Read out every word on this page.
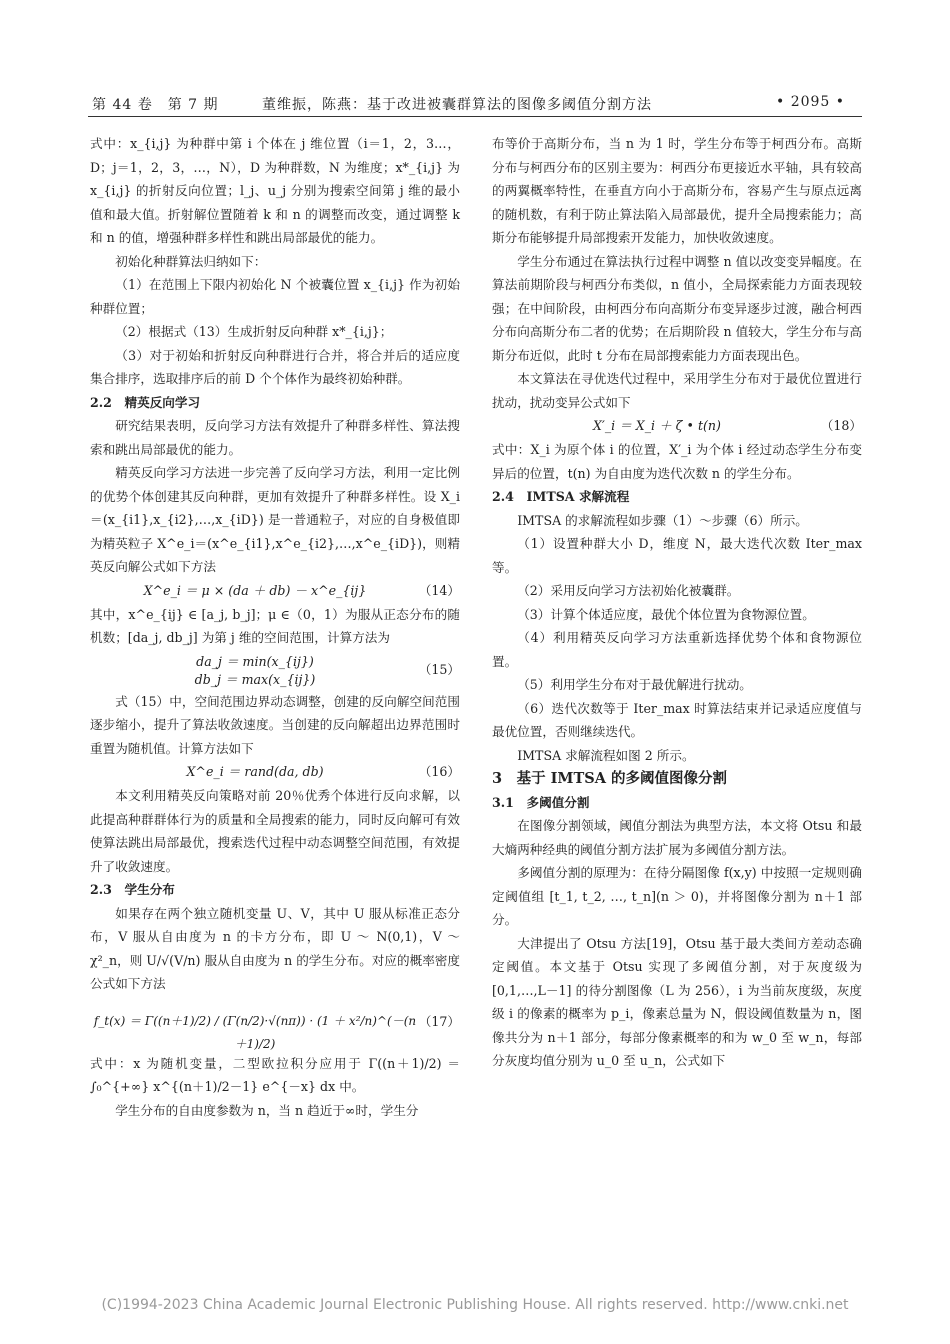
第 44 卷　第 7 期	董维振，陈燕：基于改进被囊群算法的图像多阈值分割方法	• 2095 •

式中：x_{i,j} 为种群中第 i 个体在 j 维位置（i＝1，2，3…，D；j＝1，2，3，…，N），D 为种群数，N 为维度；x*_{i,j} 为 x_{i,j} 的折射反向位置；l_j、u_j 分别为搜索空间第 j 维的最小值和最大值。折射解位置随着 k 和 n 的调整而改变，通过调整 k 和 n 的值，增强种群多样性和跳出局部最优的能力。

初始化种群算法归纳如下：

（1）在范围上下限内初始化 N 个被囊位置 x_{i,j} 作为初始种群位置；

（2）根据式（13）生成折射反向种群 x*_{i,j}；

（3）对于初始和折射反向种群进行合并，将合并后的适应度集合排序，选取排序后的前 D 个个体作为最终初始种群。

2.2　精英反向学习

研究结果表明，反向学习方法有效提升了种群多样性、算法搜索和跳出局部最优的能力。

精英反向学习方法进一步完善了反向学习方法，利用一定比例的优势个体创建其反向种群，更加有效提升了种群多样性。设 X_i＝(x_{i1},x_{i2},…,x_{iD}) 是一普通粒子，对应的自身极值即为精英粒子 X^e_i＝(x^e_{i1},x^e_{i2},…,x^e_{iD})，则精英反向解公式如下方法

X^e_i ＝ μ × (da ＋ db) － x^e_{ij}	（14）

其中，x^e_{ij} ∈ [a_j, b_j]；μ ∈（0，1）为服从正态分布的随机数；[da_j, db_j] 为第 j 维的空间范围，计算方法为

da_j ＝ min(x_{ij})
db_j ＝ max(x_{ij})
（15）

式（15）中，空间范围边界动态调整，创建的反向解空间范围逐步缩小，提升了算法收敛速度。当创建的反向解超出边界范围时重置为随机值。计算方法如下

X^e_i ＝ rand(da, db)	（16）

本文利用精英反向策略对前 20％优秀个体进行反向求解，以此提高种群群体行为的质量和全局搜索的能力，同时反向解可有效使算法跳出局部最优，搜索迭代过程中动态调整空间范围，有效提升了收敛速度。

2.3　学生分布

如果存在两个独立随机变量 U、V，其中 U 服从标准正态分布，V 服从自由度为 n 的卡方分布，即 U ～ N(0,1)，V ～χ²_n，则 U/√(V/n) 服从自由度为 n 的学生分布。对应的概率密度公式如下方法

f_t(x) ＝ Γ((n＋1)/2) / (Γ(n/2)·√(nπ)) · (1 ＋ x²/n)^(－(n＋1)/2)
（17）

式中：x 为随机变量，二型欧拉积分应用于 Γ((n＋1)/2) ＝ ∫₀^{+∞} x^{(n＋1)/2－1} e^{－x} dx 中。

学生分布的自由度参数为 n，当 n 趋近于∞时，学生分

布等价于高斯分布，当 n 为 1 时，学生分布等于柯西分布。高斯分布与柯西分布的区别主要为：柯西分布更接近水平轴，具有较高的两翼概率特性，在垂直方向小于高斯分布，容易产生与原点远离的随机数，有利于防止算法陷入局部最优，提升全局搜索能力；高斯分布能够提升局部搜索开发能力，加快收敛速度。

学生分布通过在算法执行过程中调整 n 值以改变变异幅度。在算法前期阶段与柯西分布类似，n 值小，全局探索能力方面表现较强；在中间阶段，由柯西分布向高斯分布变异逐步过渡，融合柯西分布向高斯分布二者的优势；在后期阶段 n 值较大，学生分布与高斯分布近似，此时 t 分布在局部搜索能力方面表现出色。

本文算法在寻优迭代过程中，采用学生分布对于最优位置进行扰动，扰动变异公式如下

X′_i ＝ X_i ＋ ζ • t(n)	（18）

式中：X_i 为原个体 i 的位置，X′_i 为个体 i 经过动态学生分布变异后的位置，t(n) 为自由度为迭代次数 n 的学生分布。

2.4　IMTSA 求解流程

IMTSA 的求解流程如步骤（1）～步骤（6）所示。

（1）设置种群大小 D，维度 N，最大迭代次数 Iter_max 等。

（2）采用反向学习方法初始化被囊群。

（3）计算个体适应度，最优个体位置为食物源位置。

（4）利用精英反向学习方法重新选择优势个体和食物源位置。

（5）利用学生分布对于最优解进行扰动。

（6）迭代次数等于 Iter_max 时算法结束并记录适应度值与最优位置，否则继续迭代。

IMTSA 求解流程如图 2 所示。

3　基于 IMTSA 的多阈值图像分割

3.1　多阈值分割

在图像分割领域，阈值分割法为典型方法，本文将 Otsu 和最大熵两种经典的阈值分割方法扩展为多阈值分割方法。

多阈值分割的原理为：在待分隔图像 f(x,y) 中按照一定规则确定阈值组 [t_1, t_2, …, t_n](n ＞ 0)，并将图像分割为 n＋1 部分。

大津提出了 Otsu 方法[19]，Otsu 基于最大类间方差动态确定阈值。本文基于 Otsu 实现了多阈值分割，对于灰度级为 [0,1,…,L－1] 的待分割图像（L 为 256），i 为当前灰度级，灰度级 i 的像素的概率为 p_i，像素总量为 N，假设阈值数量为 n，图像共分为 n＋1 部分，每部分像素概率的和为 w_0 至 w_n，每部分灰度均值分别为 u_0 至 u_n，公式如下

(C)1994-2023 China Academic Journal Electronic Publishing House. All rights reserved. http://www.cnki.net
